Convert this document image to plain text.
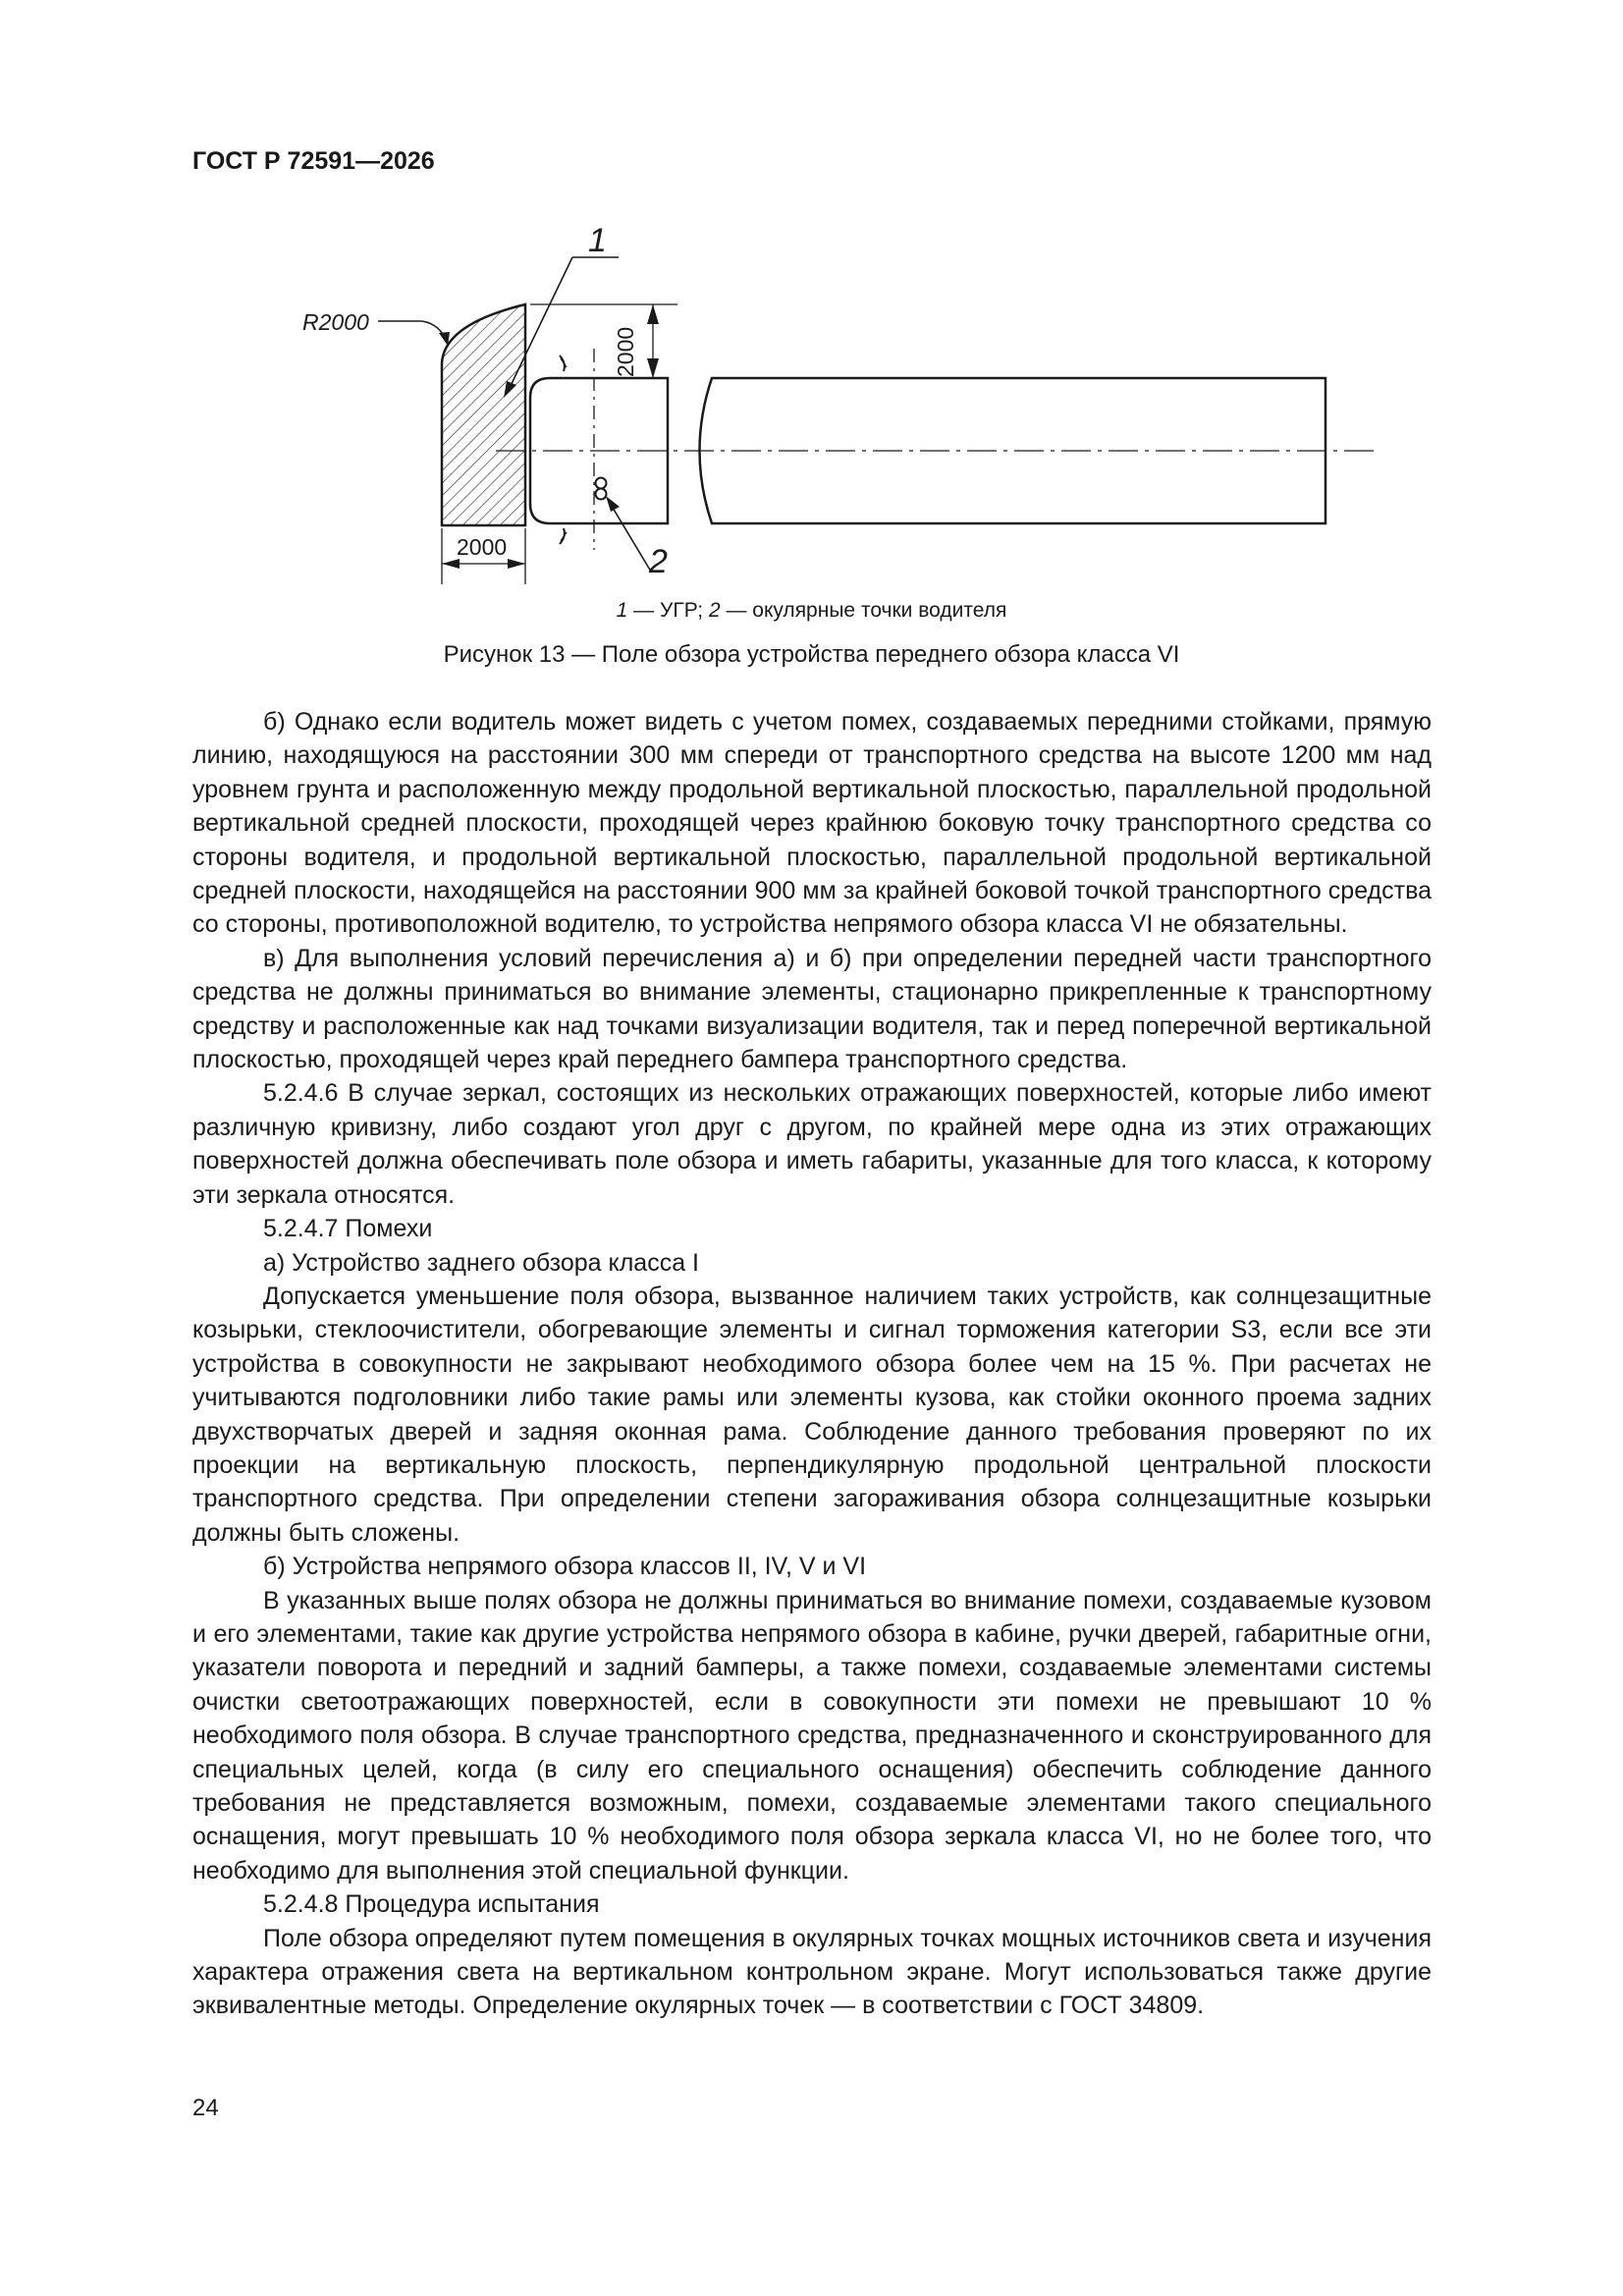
ГОСТ Р 72591—2026
1
2
R2000
2000
2000
1 — УГР; 2 — окулярные точки водителя
Рисунок 13 — Поле обзора устройства переднего обзора класса VI

б) Однако если водитель может видеть с учетом помех, создаваемых передними стойками, прямую линию, находящуюся на расстоянии 300 мм спереди от транспортного средства на высоте 1200 мм над уровнем грунта и расположенную между продольной вертикальной плоскостью, параллельной продольной вертикальной средней плоскости, проходящей через крайнюю боковую точку транспортного средства со стороны водителя, и продольной вертикальной плоскостью, параллельной продольной вертикальной средней плоскости, находящейся на расстоянии 900 мм за крайней боковой точкой транспортного средства со стороны, противоположной водителю, то устройства непрямого обзора класса VI не обязательны.

в) Для выполнения условий перечисления а) и б) при определении передней части транспортного средства не должны приниматься во внимание элементы, стационарно прикрепленные к транспортному средству и расположенные как над точками визуализации водителя, так и перед поперечной вертикальной плоскостью, проходящей через край переднего бампера транспортного средства.

5.2.4.6 В случае зеркал, состоящих из нескольких отражающих поверхностей, которые либо имеют различную кривизну, либо создают угол друг с другом, по крайней мере одна из этих отражающих поверхностей должна обеспечивать поле обзора и иметь габариты, указанные для того класса, к которому эти зеркала относятся.

5.2.4.7 Помехи

а) Устройство заднего обзора класса I

Допускается уменьшение поля обзора, вызванное наличием таких устройств, как солнцезащитные козырьки, стеклоочистители, обогревающие элементы и сигнал торможения категории S3, если все эти устройства в совокупности не закрывают необходимого обзора более чем на 15 %. При расчетах не учитываются подголовники либо такие рамы или элементы кузова, как стойки оконного проема задних двухстворчатых дверей и задняя оконная рама. Соблюдение данного требования проверяют по их проекции на вертикальную плоскость, перпендикулярную продольной центральной плоскости транспортного средства. При определении степени загораживания обзора солнцезащитные козырьки должны быть сложены.

б) Устройства непрямого обзора классов II, IV, V и VI

В указанных выше полях обзора не должны приниматься во внимание помехи, создаваемые кузовом и его элементами, такие как другие устройства непрямого обзора в кабине, ручки дверей, габаритные огни, указатели поворота и передний и задний бамперы, а также помехи, создаваемые элементами системы очистки светоотражающих поверхностей, если в совокупности эти помехи не превышают 10 % необходимого поля обзора. В случае транспортного средства, предназначенного и сконструированного для специальных целей, когда (в силу его специального оснащения) обеспечить соблюдение данного требования не представляется возможным, помехи, создаваемые элементами такого специального оснащения, могут превышать 10 % необходимого поля обзора зеркала класса VI, но не более того, что необходимо для выполнения этой специальной функции.

5.2.4.8 Процедура испытания

Поле обзора определяют путем помещения в окулярных точках мощных источников света и изучения характера отражения света на вертикальном контрольном экране. Могут использоваться также другие эквивалентные методы. Определение окулярных точек — в соответствии с ГОСТ 34809.

24
